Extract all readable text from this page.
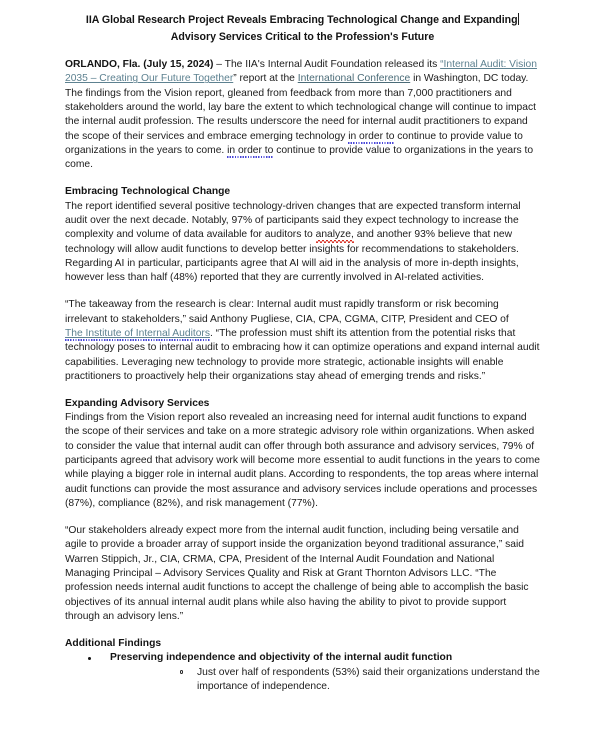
IIA Global Research Project Reveals Embracing Technological Change and Expanding
Advisory Services Critical to the Profession's Future

ORLANDO, Fla. (July 15, 2024) – The IIA's Internal Audit Foundation released its “Internal Audit: Vision 2035 – Creating Our Future Together” report at the International Conference in Washington, DC today. The findings from the Vision report, gleaned from feedback from more than 7,000 practitioners and stakeholders around the world, lay bare the extent to which technological change will continue to impact the internal audit profession. The results underscore the need for internal audit practitioners to expand the scope of their services and embrace emerging technology in order to continue to provide value to organizations in the years to come. in order to continue to provide value to organizations in the years to come.

Embracing Technological Change

The report identified several positive technology-driven changes that are expected transform internal audit over the next decade. Notably, 97% of participants said they expect technology to increase the complexity and volume of data available for auditors to analyze, and another 93% believe that new technology will allow audit functions to develop better insights for recommendations to stakeholders. Regarding AI in particular, participants agree that AI will aid in the analysis of more in-depth insights, however less than half (48%) reported that they are currently involved in AI-related activities.

“The takeaway from the research is clear: Internal audit must rapidly transform or risk becoming irrelevant to stakeholders,” said Anthony Pugliese, CIA, CPA, CGMA, CITP, President and CEO of The Institute of Internal Auditors. “The profession must shift its attention from the potential risks that technology poses to internal audit to embracing how it can optimize operations and expand internal audit capabilities. Leveraging new technology to provide more strategic, actionable insights will enable practitioners to proactively help their organizations stay ahead of emerging trends and risks.”

Expanding Advisory Services

Findings from the Vision report also revealed an increasing need for internal audit functions to expand the scope of their services and take on a more strategic advisory role within organizations. When asked to consider the value that internal audit can offer through both assurance and advisory services, 79% of participants agreed that advisory work will become more essential to audit functions in the years to come while playing a bigger role in internal audit plans. According to respondents, the top areas where internal audit functions can provide the most assurance and advisory services include operations and processes (87%), compliance (82%), and risk management (77%).

“Our stakeholders already expect more from the internal audit function, including being versatile and agile to provide a broader array of support inside the organization beyond traditional assurance,” said Warren Stippich, Jr., CIA, CRMA, CPA, President of the Internal Audit Foundation and National Managing Principal – Advisory Services Quality and Risk at Grant Thornton Advisors LLC. “The profession needs internal audit functions to accept the challenge of being able to accomplish the basic objectives of its annual internal audit plans while also having the ability to pivot to provide support through an advisory lens.”

Additional Findings
Preserving independence and objectivity of the internal audit function
Just over half of respondents (53%) said their organizations understand the importance of independence.
